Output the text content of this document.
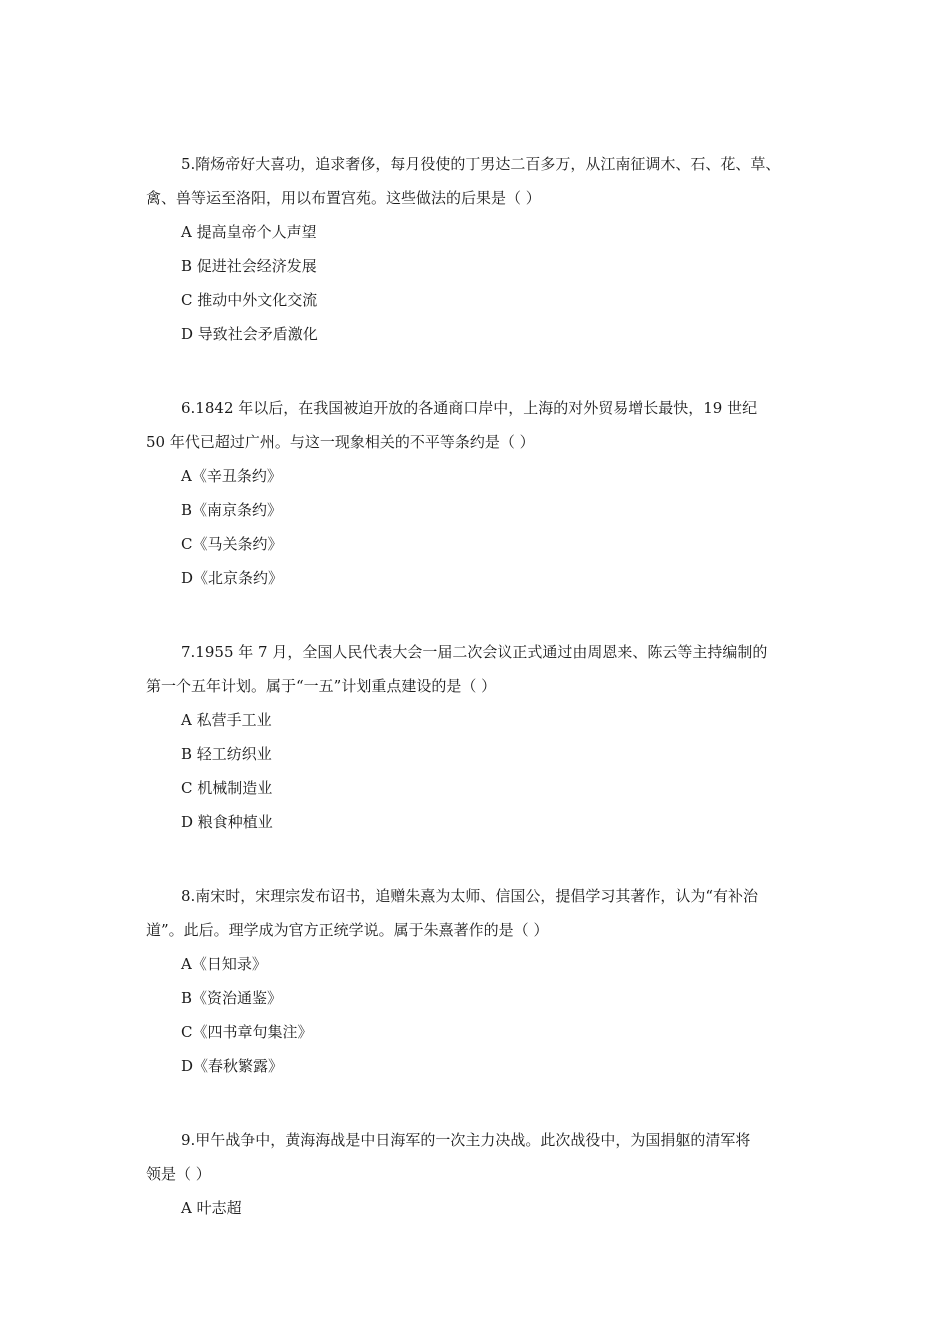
5.隋炀帝好大喜功，追求奢侈，每月役使的丁男达二百多万，从江南征调木、石、花、草、
禽、兽等运至洛阳，用以布置宫苑。这些做法的后果是（ ）
A 提高皇帝个人声望
B 促进社会经济发展
C 推动中外文化交流
D 导致社会矛盾激化
6.1842 年以后，在我国被迫开放的各通商口岸中，上海的对外贸易增长最快，19 世纪
50 年代已超过广州。与这一现象相关的不平等条约是（ ）
A《辛丑条约》
B《南京条约》
C《马关条约》
D《北京条约》
7.1955 年 7 月，全国人民代表大会一届二次会议正式通过由周恩来、陈云等主持编制的
第一个五年计划。属于“一五”计划重点建设的是（ ）
A 私营手工业
B 轻工纺织业
C 机械制造业
D 粮食种植业
8.南宋时，宋理宗发布诏书，追赠朱熹为太师、信国公，提倡学习其著作，认为“有补治
道”。此后。理学成为官方正统学说。属于朱熹著作的是（ ）
A《日知录》
B《资治通鉴》
C《四书章句集注》
D《春秋繁露》
9.甲午战争中，黄海海战是中日海军的一次主力决战。此次战役中，为国捐躯的清军将
领是（ ）
A 叶志超
